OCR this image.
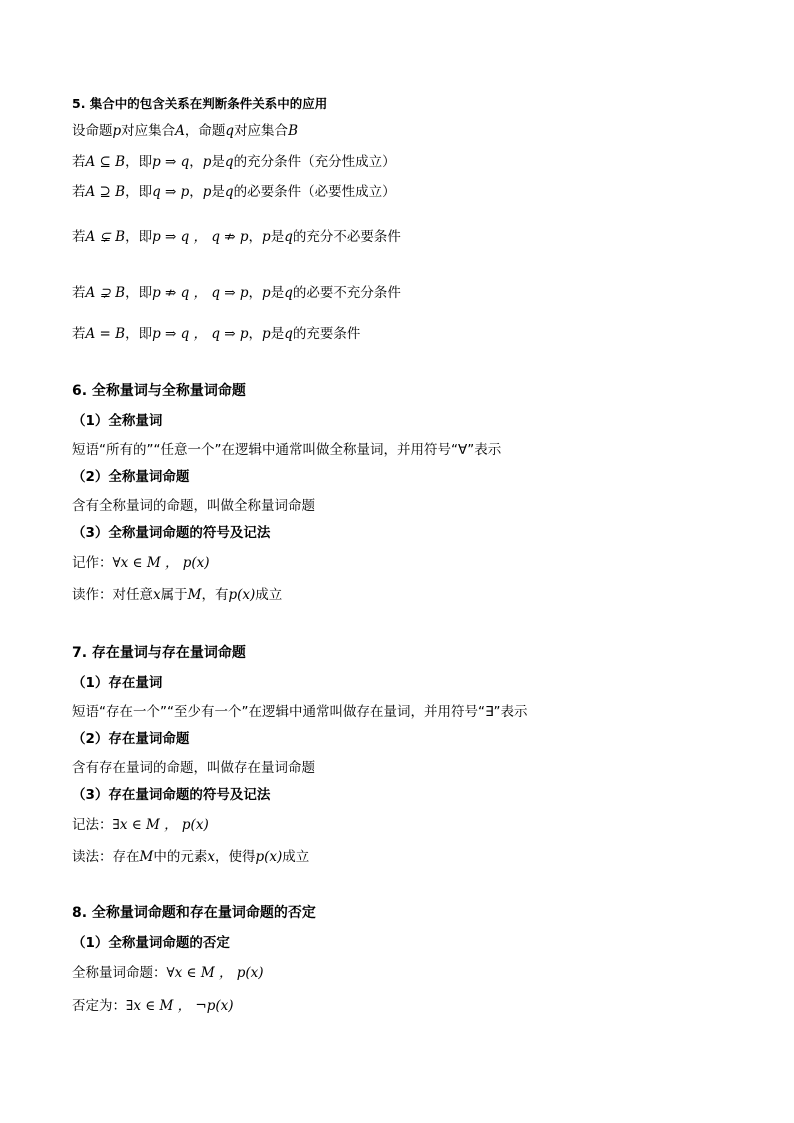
5. 集合中的包含关系在判断条件关系中的应用
设命题p对应集合A，命题q对应集合B
若A ⊆ B，即p ⇒ q，p是q的充分条件（充分性成立）
若A ⊇ B，即q ⇒ p，p是q的必要条件（必要性成立）
若A ⊊ B，即p ⇒ q ， q ⇏ p，p是q的充分不必要条件
若A ⊋ B，即p ⇏ q ， q ⇒ p，p是q的必要不充分条件
若A = B，即p ⇒ q ， q ⇒ p，p是q的充要条件
6. 全称量词与全称量词命题
（1）全称量词
短语“所有的”“任意一个”在逻辑中通常叫做全称量词，并用符号“∀”表示
（2）全称量词命题
含有全称量词的命题，叫做全称量词命题
（3）全称量词命题的符号及记法
记作：∀x ∈ M ， p(x)
读作：对任意x属于M，有p(x)成立
7. 存在量词与存在量词命题
（1）存在量词
短语“存在一个”“至少有一个”在逻辑中通常叫做存在量词，并用符号“∃”表示
（2）存在量词命题
含有存在量词的命题，叫做存在量词命题
（3）存在量词命题的符号及记法
记法：∃x ∈ M ， p(x)
读法：存在M中的元素x，使得p(x)成立
8. 全称量词命题和存在量词命题的否定
（1）全称量词命题的否定
全称量词命题：∀x ∈ M ， p(x)
否定为：∃x ∈ M ， ¬p(x)
